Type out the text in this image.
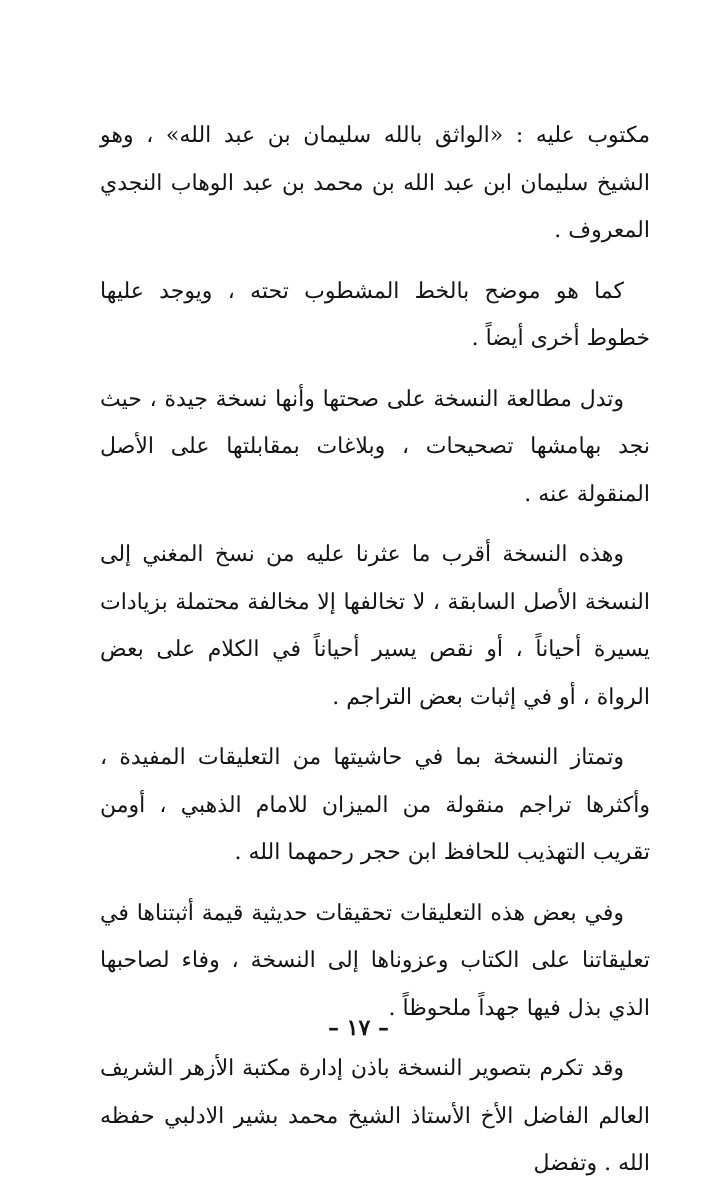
مكتوب عليه : «الواثق بالله سليمان بن عبد الله» ، وهو الشيخ سليمان ابن عبد الله بن محمد بن عبد الوهاب النجدي المعروف .

كما هو موضح بالخط المشطوب تحته ، ويوجد عليها خطوط أخرى أيضاً .

وتدل مطالعة النسخة على صحتها وأنها نسخة جيدة ، حيث نجد بهامشها تصحيحات ، وبلاغات بمقابلتها على الأصل المنقولة عنه .

وهذه النسخة أقرب ما عثرنا عليه من نسخ المغني إلى النسخة الأصل السابقة ، لا تخالفها إلا مخالفة محتملة بزيادات يسيرة أحياناً ، أو نقص يسير أحياناً في الكلام على بعض الرواة ، أو في إثبات بعض التراجم .

وتمتاز النسخة بما في حاشيتها من التعليقات المفيدة ، وأكثرها تراجم منقولة من الميزان للامام الذهبي ، أومن تقريب التهذيب للحافظ ابن حجر رحمهما الله .

وفي بعض هذه التعليقات تحقيقات حديثية قيمة أثبتناها في تعليقاتنا على الكتاب وعزوناها إلى النسخة ، وفاء لصاحبها الذي بذل فيها جهداً ملحوظاً .

وقد تكرم بتصوير النسخة باذن إدارة مكتبة الأزهر الشريف العالم الفاضل الأخ الأستاذ الشيخ محمد بشير الادلبي حفظه الله . وتفضل

– ١٧ –
